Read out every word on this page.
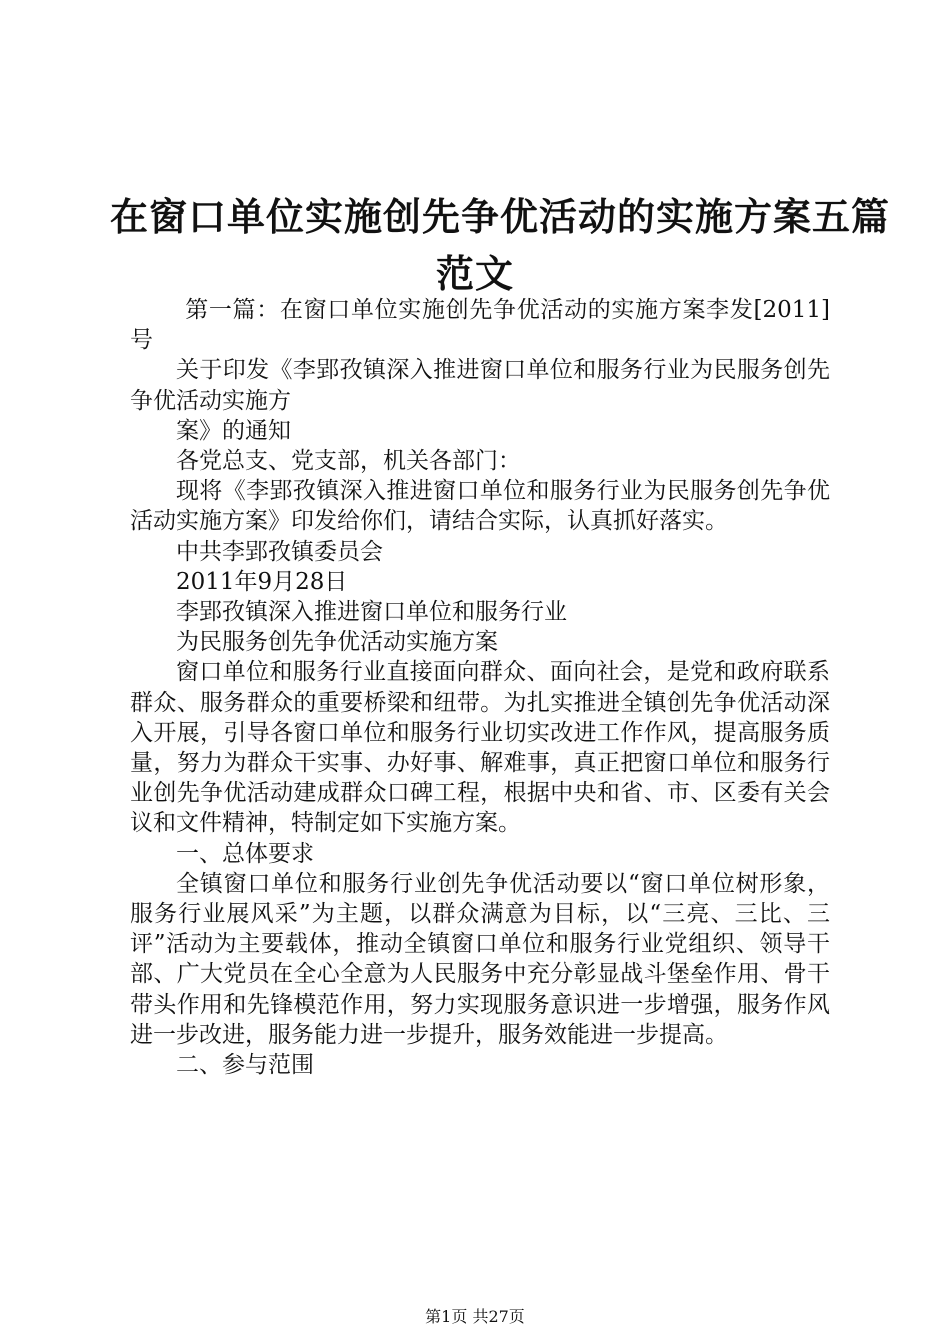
在窗口单位实施创先争优活动的实施方案五篇
范文

第一篇：在窗口单位实施创先争优活动的实施方案李发[2011]号

关于印发《李郢孜镇深入推进窗口单位和服务行业为民服务创先争优活动实施方

案》的通知

各党总支、党支部，机关各部门：

现将《李郢孜镇深入推进窗口单位和服务行业为民服务创先争优活动实施方案》印发给你们，请结合实际，认真抓好落实。

中共李郢孜镇委员会

2011年9月28日

李郢孜镇深入推进窗口单位和服务行业

为民服务创先争优活动实施方案

窗口单位和服务行业直接面向群众、面向社会，是党和政府联系群众、服务群众的重要桥梁和纽带。为扎实推进全镇创先争优活动深入开展，引导各窗口单位和服务行业切实改进工作作风，提高服务质量，努力为群众干实事、办好事、解难事，真正把窗口单位和服务行业创先争优活动建成群众口碑工程，根据中央和省、市、区委有关会议和文件精神，特制定如下实施方案。

一、总体要求

全镇窗口单位和服务行业创先争优活动要以“窗口单位树形象，服务行业展风采”为主题，以群众满意为目标，以“三亮、三比、三评”活动为主要载体，推动全镇窗口单位和服务行业党组织、领导干部、广大党员在全心全意为人民服务中充分彰显战斗堡垒作用、骨干带头作用和先锋模范作用，努力实现服务意识进一步增强，服务作风进一步改进，服务能力进一步提升，服务效能进一步提高。

二、参与范围

第1页 共27页
